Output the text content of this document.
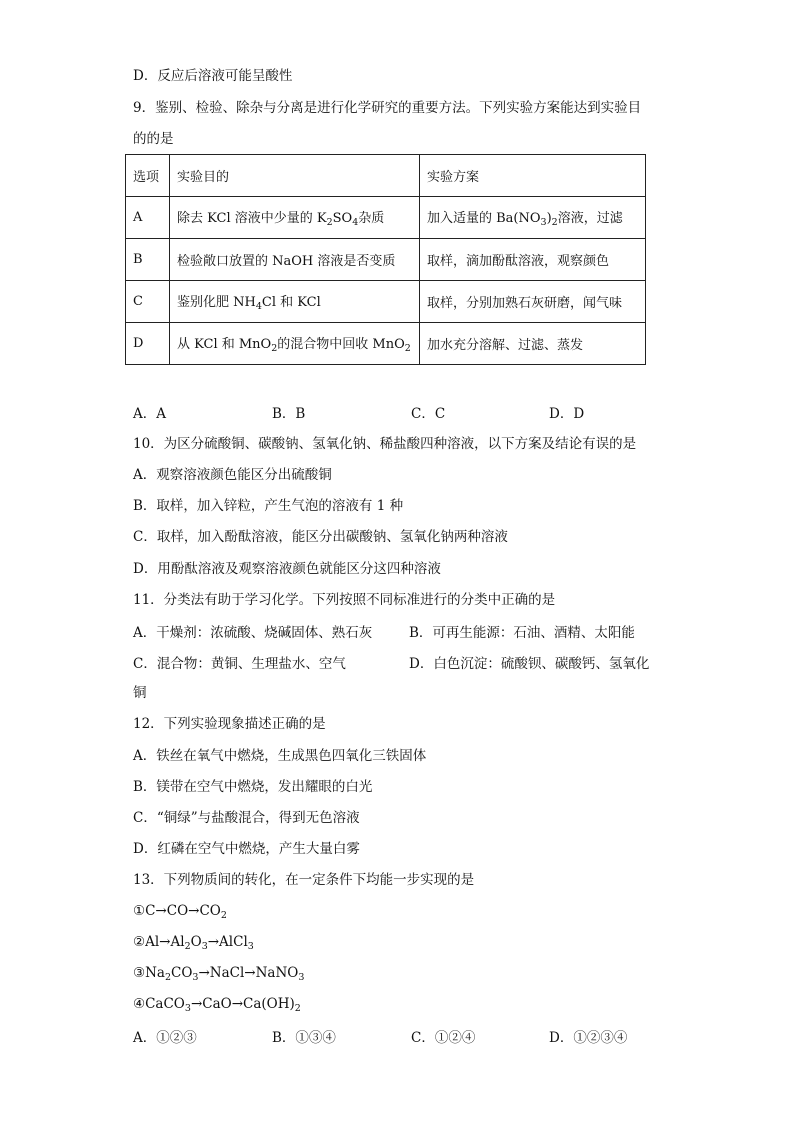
D．反应后溶液可能呈酸性
9．鉴别、检验、除杂与分离是进行化学研究的重要方法。下列实验方案能达到实验目
的的是
选项	实验目的	实验方案
A	除去 KCl 溶液中少量的 $K_2SO_4$杂质	加入适量的 $Ba(NO_3)_2$溶液，过滤
B	检验敞口放置的 NaOH 溶液是否变质	取样，滴加酚酞溶液，观察颜色
C	鉴别化肥 $NH_4Cl$ 和 KCl	取样，分别加熟石灰研磨，闻气味
D	从 KCl 和 MnO$_2$的混合物中回收 MnO$_2$	加水充分溶解、过滤、蒸发
A．A	B．B	C．C	D．D
10．为区分硫酸铜、碳酸钠、氢氧化钠、稀盐酸四种溶液，以下方案及结论有误的是
A．观察溶液颜色能区分出硫酸铜
B．取样，加入锌粒，产生气泡的溶液有 1 种
C．取样，加入酚酞溶液，能区分出碳酸钠、氢氧化钠两种溶液
D．用酚酞溶液及观察溶液颜色就能区分这四种溶液
11．分类法有助于学习化学。下列按照不同标准进行的分类中正确的是
A．干燥剂：浓硫酸、烧碱固体、熟石灰	B．可再生能源：石油、酒精、太阳能
C．混合物：黄铜、生理盐水、空气	D．白色沉淀：硫酸钡、碳酸钙、氢氧化
铜
12．下列实验现象描述正确的是
A．铁丝在氧气中燃烧，生成黑色四氧化三铁固体
B．镁带在空气中燃烧，发出耀眼的白光
C．“铜绿”与盐酸混合，得到无色溶液
D．红磷在空气中燃烧，产生大量白雾
13．下列物质间的转化，在一定条件下均能一步实现的是
$①C\to CO\to CO_2$
$②Al\to Al_2O_3\to AlCl_3$
$③Na_2CO_3\to NaCl\to NaNO_3$
$④CaCO_3\to CaO\to Ca(OH)_2$
A．①②③	B．①③④	C．①②④	D．①②③④
